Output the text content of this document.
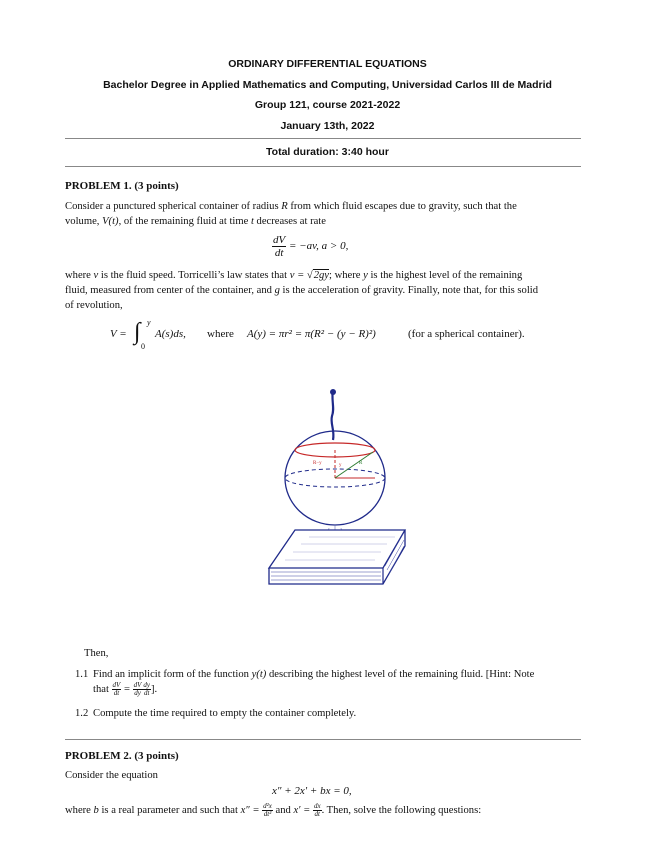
ORDINARY DIFFERENTIAL EQUATIONS
Bachelor Degree in Applied Mathematics and Computing, Universidad Carlos III de Madrid
Group 121, course 2021-2022
January 13th, 2022
Total duration: 3:40 hour
PROBLEM 1. (3 points)
Consider a punctured spherical container of radius R from which fluid escapes due to gravity, such that the
volume, V(t), of the remaining fluid at time t decreases at rate
$\frac{dV}{dt} = -av$, a > 0,
where v is the fluid speed. Torricelli’s law states that v = √2gy; where y is the highest level of the remaining
fluid, measured from center of the container, and g is the acceleration of gravity. Finally, note that, for this solid
of revolution,
V = ∫ y
0
A(s)ds, where A(y) = πr² = π(R² − (y − R)²)	(for a spherical container).
R−y	y	R
Then,
1.1 Find an implicit form of the function y(t) describing the highest level of the remaining fluid. [Hint: Note
that $\frac{dV}{dt} = \frac{dV}{dy} \frac{dy}{dt}$ ].
1.2 Compute the time required to empty the container completely.
PROBLEM 2. (3 points)
Consider the equation
x″ + 2x′ + bx = 0,
where b is a real parameter and such that $x'' = \frac{\text{d²x}}{\text{dt²}}$ and $x' = \frac{dx}{dt}$ . Then, solve the following questions:
